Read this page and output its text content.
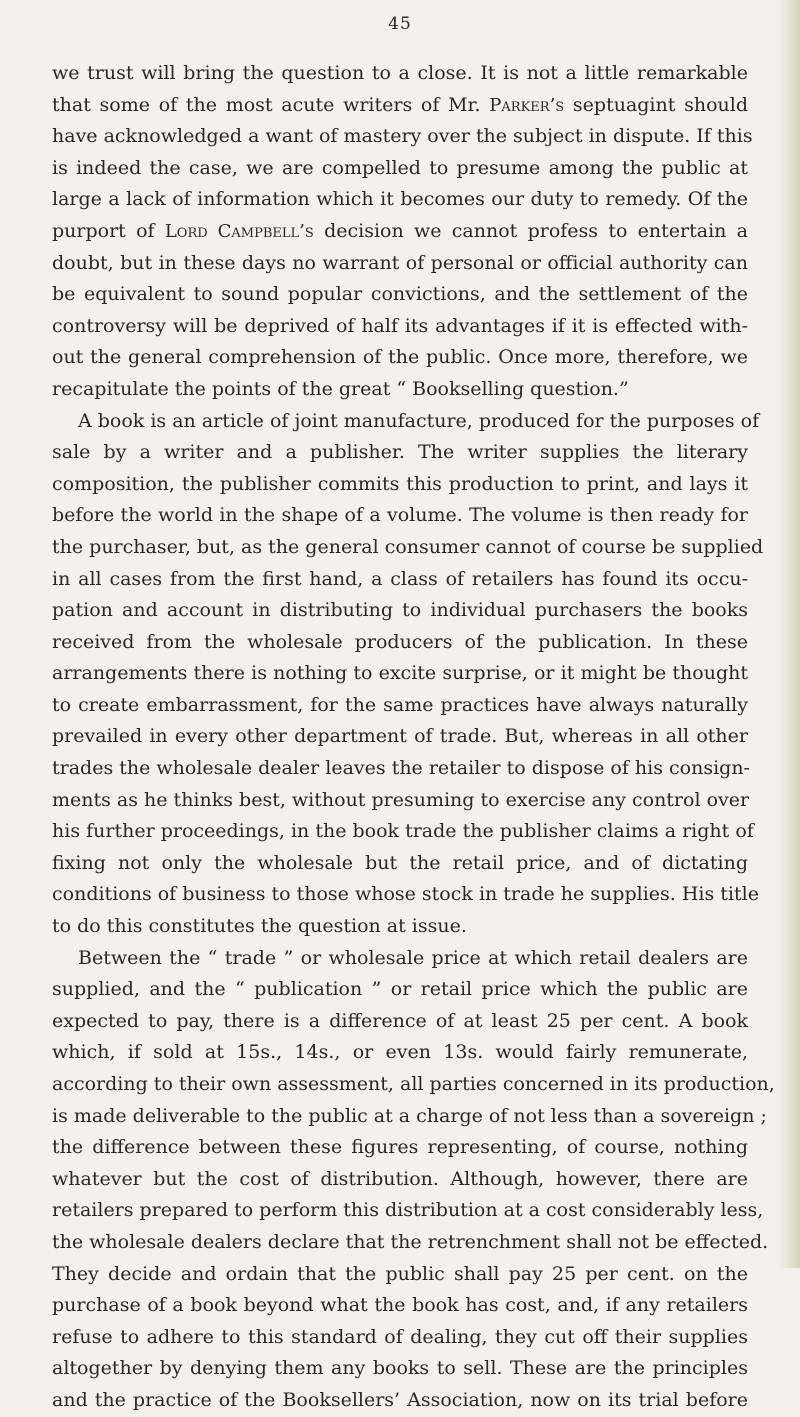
45
we trust will bring the question to a close. It is not a little remarkable
that some of the most acute writers of Mr. Parker’s septuagint should
have acknowledged a want of mastery over the subject in dispute. If this
is indeed the case, we are compelled to presume among the public at
large a lack of information which it becomes our duty to remedy. Of the
purport of Lord Campbell’s decision we cannot profess to entertain a
doubt, but in these days no warrant of personal or official authority can
be equivalent to sound popular convictions, and the settlement of the
controversy will be deprived of half its advantages if it is effected with-
out the general comprehension of the public. Once more, therefore, we
recapitulate the points of the great “ Bookselling question.”
A book is an article of joint manufacture, produced for the purposes of
sale by a writer and a publisher. The writer supplies the literary
composition, the publisher commits this production to print, and lays it
before the world in the shape of a volume. The volume is then ready for
the purchaser, but, as the general consumer cannot of course be supplied
in all cases from the first hand, a class of retailers has found its occu-
pation and account in distributing to individual purchasers the books
received from the wholesale producers of the publication. In these
arrangements there is nothing to excite surprise, or it might be thought
to create embarrassment, for the same practices have always naturally
prevailed in every other department of trade. But, whereas in all other
trades the wholesale dealer leaves the retailer to dispose of his consign-
ments as he thinks best, without presuming to exercise any control over
his further proceedings, in the book trade the publisher claims a right of
fixing not only the wholesale but the retail price, and of dictating
conditions of business to those whose stock in trade he supplies. His title
to do this constitutes the question at issue.
Between the “ trade ” or wholesale price at which retail dealers are
supplied, and the “ publication ” or retail price which the public are
expected to pay, there is a difference of at least 25 per cent. A book
which, if sold at 15s., 14s., or even 13s. would fairly remunerate,
according to their own assessment, all parties concerned in its production,
is made deliverable to the public at a charge of not less than a sovereign ;
the difference between these figures representing, of course, nothing
whatever but the cost of distribution. Although, however, there are
retailers prepared to perform this distribution at a cost considerably less,
the wholesale dealers declare that the retrenchment shall not be effected.
They decide and ordain that the public shall pay 25 per cent. on the
purchase of a book beyond what the book has cost, and, if any retailers
refuse to adhere to this standard of dealing, they cut off their supplies
altogether by denying them any books to sell. These are the principles
and the practice of the Booksellers’ Association, now on its trial before
